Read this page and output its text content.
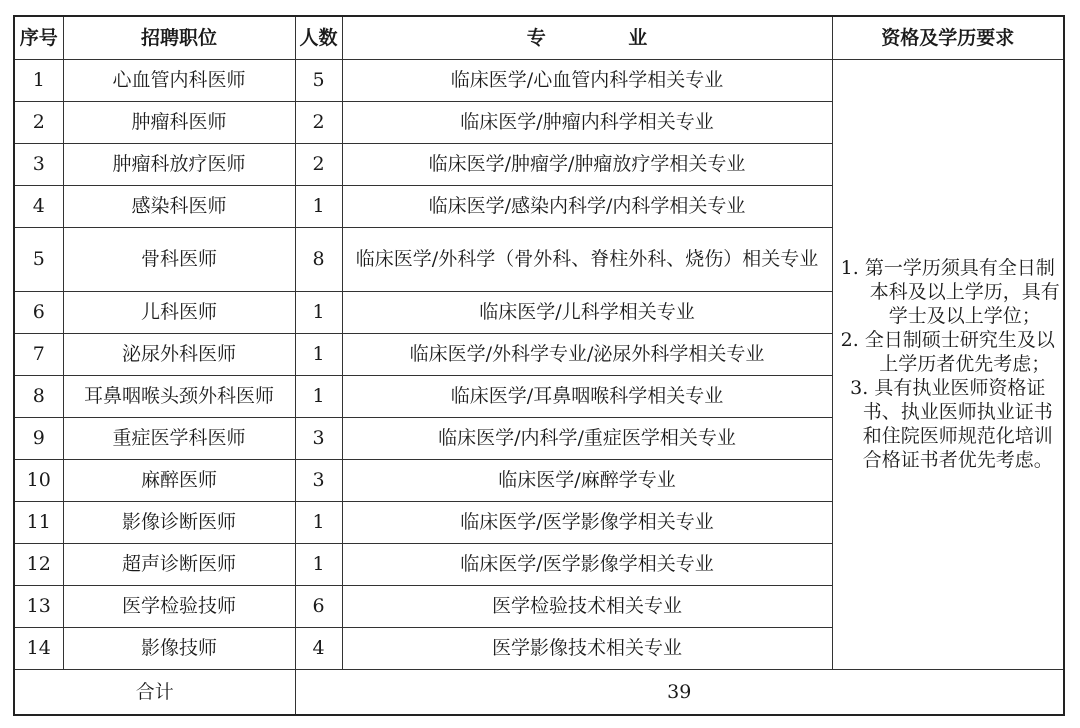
序号	招聘职位	人数	专 业	资格及学历要求
1	心血管内科医师	5	临床医学/心血管内科学相关专业	1. 第一学历须具有全日制本科及以上学历，具有学士及以上学位；
2. 全日制硕士研究生及以上学历者优先考虑；
3. 具有执业医师资格证书、执业医师执业证书和住院医师规范化培训合格证书者优先考虑。

2	肿瘤科医师	2	临床医学/肿瘤内科学相关专业	
3	肿瘤科放疗医师	2	临床医学/肿瘤学/肿瘤放疗学相关专业	
4	感染科医师	1	临床医学/感染内科学/内科学相关专业	
5	骨科医师	8	临床医学/外科学（骨外科、脊柱外科、烧伤）相关专业	
6	儿科医师	1	临床医学/儿科学相关专业	
7	泌尿外科医师	1	临床医学/外科学专业/泌尿外科学相关专业	
8	耳鼻咽喉头颈外科医师	1	临床医学/耳鼻咽喉科学相关专业	
9	重症医学科医师	3	临床医学/内科学/重症医学相关专业	
10	麻醉医师	3	临床医学/麻醉学专业	
11	影像诊断医师	1	临床医学/医学影像学相关专业	
12	超声诊断医师	1	临床医学/医学影像学相关专业	
13	医学检验技师	6	医学检验技术相关专业	
14	影像技师	4	医学影像技术相关专业	
合计		39		
